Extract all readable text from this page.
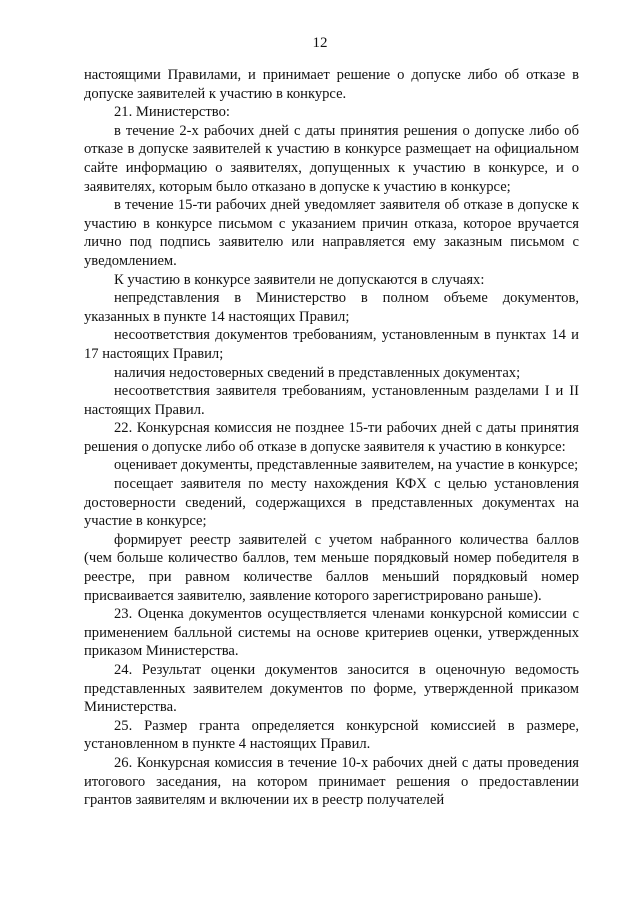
12

настоящими Правилами, и принимает решение о допуске либо об отказе в допуске заявителей к участию в конкурсе.

21. Министерство:

в течение 2-х рабочих дней с даты принятия решения о допуске либо об отказе в допуске заявителей к участию в конкурсе размещает на официальном сайте информацию о заявителях, допущенных к участию в конкурсе, и о заявителях, которым было отказано в допуске к участию в конкурсе;

в течение 15-ти рабочих дней уведомляет заявителя об отказе в допуске к участию в конкурсе письмом с указанием причин отказа, которое вручается лично под подпись заявителю или направляется ему заказным письмом с уведомлением.

К участию в конкурсе заявители не допускаются в случаях:

непредставления в Министерство в полном объеме документов, указанных в пункте 14 настоящих Правил;

несоответствия документов требованиям, установленным в пунктах 14 и 17 настоящих Правил;

наличия недостоверных сведений в представленных документах;

несоответствия заявителя требованиям, установленным разделами I и II настоящих Правил.

22. Конкурсная комиссия не позднее 15-ти рабочих дней с даты принятия решения о допуске либо об отказе в допуске заявителя к участию в конкурсе:

оценивает документы, представленные заявителем, на участие в конкурсе;

посещает заявителя по месту нахождения КФХ с целью установления достоверности сведений, содержащихся в представленных документах на участие в конкурсе;

формирует реестр заявителей с учетом набранного количества баллов (чем больше количество баллов, тем меньше порядковый номер победителя в реестре, при равном количестве баллов меньший порядковый номер присваивается заявителю, заявление которого зарегистрировано раньше).

23. Оценка документов осуществляется членами конкурсной комиссии с применением балльной системы на основе критериев оценки, утвержденных приказом Министерства.

24. Результат оценки документов заносится в оценочную ведомость представленных заявителем документов по форме, утвержденной приказом Министерства.

25. Размер гранта определяется конкурсной комиссией в размере, установленном в пункте 4 настоящих Правил.

26. Конкурсная комиссия в течение 10-х рабочих дней с даты проведения итогового заседания, на котором принимает решения о предоставлении грантов заявителям и включении их в реестр получателей
